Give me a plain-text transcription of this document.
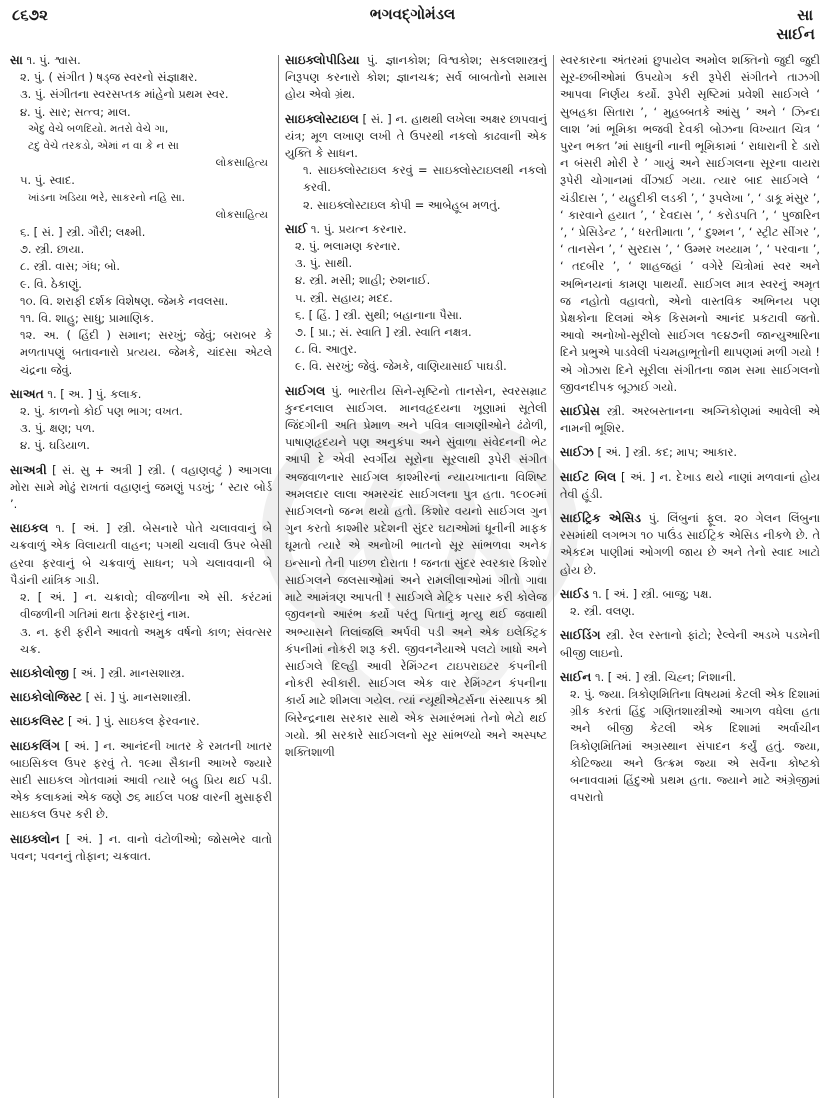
૮૬૭૨	ભગવદ્ગોમંડલ	સા
સાઈન
સા ૧. પું. શ્વાસ.
૨. પું. ( સંગીત ) ષડ્જ સ્વરનો સંજ્ઞાક્ષર.
૩. પું. સંગીતના સ્વરસપ્તક માંહેનો પ્રથમ સ્વર.
૪. પું. સાર; સત્ત્વ; માલ.
એદુ વેચે બળદિયો. મતરો વેચે ગા,
ટદુ વેચે તરકડો, એમાં ન વા કે ન સા
લોકસાહિત્ય
૫. પું. સ્વાદ.
ખાંડના ખડિયા ભરે, સાકરનો નહિ સા.
લોકસાહિત્ય
૬. [ સં. ] સ્ત્રી. ગૌરી; લક્ષ્મી.
૭. સ્ત્રી. છાયા.
૮. સ્ત્રી. વાસ; ગંધ; બો.
૯. વિ. ઠેકાણું.
૧૦. વિ. શરાફી દર્શક વિશેષણ. જેમકે નવલસા.
૧૧. વિ. શાહુ; સાધુ; પ્રામાણિક.
૧૨. અ. ( હિંદી ) સમાન; સરખું; જેવું; બરાબર કે મળતાપણું બતાવનારો પ્રત્યય. જેમકે, ચાંદસા એટલે ચંદ્રના જેવું.
સાઅત ૧. [ અ. ] પું. કલાક.
૨. પું. કાળનો કોઈ પણ ભાગ; વખત.
૩. પું. ક્ષણ; પળ.
૪. પું. ઘડિયાળ.
સાઅત્રી [ સં. સુ + અત્રી ] સ્ત્રી. ( વહાણવટું ) આગલા મોરા સામે મોઢું રાખતાં વહાણનું જમણું પડખું; ‘ સ્ટાર બોર્ડ ’.
સાઇકલ ૧. [ અં. ] સ્ત્રી. બેસનારે પોતે ચલાવવાનું બે ચક્રવાળું એક વિલાયતી વાહન; પગથી ચલાવી ઉપર બેસી હરવા ફરવાનું બે ચક્રવાળું સાધન; પગે ચલાવવાની બે પૈડાંની યાંત્રિક ગાડી.
૨. [ અં. ] ન. ચક્રાવો; વીજળીના એ સી. કરંટમાં વીજળીની ગતિમાં થતા ફેરફારનું નામ.
૩. ન. ફરી ફરીને આવતો અમુક વર્ષનો કાળ; સંવત્સર ચક્ર.
સાઇકોલોજી [ અં. ] સ્ત્રી. માનસશાસ્ત્ર.
સાઇકોલોજિસ્ટ [ સં. ] પું. માનસશાસ્ત્રી.
સાઇકલિસ્ટ [ અં. ] પું. સાઇકલ ફેરવનાર.
સાઇકલિંગ [ અં. ] ન. આનંદની ખાતર કે રમતની ખાતર બાઇસિકલ ઉપર ફરવું તે. ૧૯મા સૈકાની આખરે જ્યારે સાદી સાઇકલ ગોતવામાં આવી ત્યારે બહુ પ્રિય થઈ પડી. એક કલાકમાં એક જણે ૭૬ માઈલ ૫૦૪ વારની મુસાફરી સાઇકલ ઉપર કરી છે.
સાઇક્લોન [ અં. ] ન. વાનો વંટોળીઓ; જોસભેર વાતો પવન; પવનનું તોફાન; ચક્રવાત.
સાઇક્લોપીડિયા પું. જ્ઞાનકોશ; વિશ્વકોશ; સકલશાસ્ત્રનું નિરૂપણ કરનારો કોશ; જ્ઞાનચક્ર; સર્વ બાબતોનો સમાસ હોય એવો ગ્રંથ.
સાઇક્લોસ્ટાઇલ [ સં. ] ન. હાથથી લખેલા અક્ષર છાપવાનું યંત્ર; મૂળ લખાણ લખી તે ઉપરથી નકલો કાઢવાની એક યુક્તિ કે સાધન.
૧. સાઇક્લોસ્ટાઇલ કરવું = સાઇક્લોસ્ટાઇલથી નકલો કરવી.
૨. સાઇક્લોસ્ટાઇલ કોપી = આબેહૂબ મળતું.
સાઈ ૧. પું. પ્રયત્ન કરનાર.
૨. પું. ભલામણ કરનાર.
૩. પું. સાથી.
૪. સ્ત્રી. મસી; શાહી; રુશનાઈ.
૫. સ્ત્રી. સહાય; મદદ.
૬. [ હિં. ] સ્ત્રી. સુથી; બહાનાના પૈસા.
૭. [ પ્રા.; સં. સ્વાતિ ] સ્ત્રી. સ્વાતિ નક્ષત્ર.
૮. વિ. આતુર.
૯. વિ. સરખું; જેવું. જેમકે, વાણિયાસાઈ પાઘડી.
સાઈગલ પું. ભારતીય સિને-સૃષ્ટિનો તાનસેન, સ્વરસમ્રાટ કુન્દનલાલ સાઈગલ. માનવહૃદયના ખૂણામાં સૂતેલી જિંદગીની અતિ પ્રેમાળ અને પવિત્ર લાગણીઓને ઢંઢોળી, પાષાણહૃદયને પણ અનુકંપા અને સુંવાળા સંવેદનની ભેટ આપી દે એવી સ્વર્ગીય સૂરોના સૂરલાથી રૂપેરી સંગીત અજવાળનાર સાઈગલ કાશ્મીરનાં ન્યાયખાતાના વિશિષ્ટ અમલદાર લાલા અમરચંદ સાઈગલના પુત્ર હતા. ૧૯૦૯માં સાઈગલનો જન્મ થયો હતો. કિશોર વયનો સાઈગલ ગુન ગુન કરતો કાશ્મીર પ્રદેશની સુંદર ઘટાઓમાં ધૂનીની માફક ઘૂમતો ત્યારે એ અનોખી ભાતનો સૂર સાંભળવા અનેક ઇન્સાનો તેની પાછળ દોરાતા ! જનતા સુંદર સ્વરકાર કિશોર સાઈગલને જલસાઓમાં અને રામલીલાઓમાં ગીતો ગાવા માટે આમંત્રણ આપતી ! સાઈગલે મેટ્રિક પસાર કરી કોલેજ જીવનનો આરંભ કર્યો પરંતુ પિતાનું મૃત્યુ થઈ જવાથી અભ્યાસને તિલાંજલિ અર્પવી પડી અને એક ઇલેક્ટ્રિક કંપનીમાં નોકરી શરૂ કરી. જીવનનૈયાએ પલટો ખાધો અને સાઈગલે દિલ્હી આવી રેમિંગ્ટન ટાઇપરાઇટર કંપનીની નોકરી સ્વીકારી. સાઈગલ એક વાર રેમિંગ્ટન કંપનીના કાર્ય માટે શીમલા ગયેલ. ત્યાં ન્યૂથીએટર્સના સંસ્થાપક શ્રી બિરેન્દ્રનાથ સરકાર સાથે એક સમારંભમાં તેનો ભેટો થઈ ગયો. શ્રી સરકારે સાઈગલનો સૂર સાંભળ્યો અને અસ્પષ્ટ શક્તિશાળી
સ્વરકારના અંતરમાં છુપાયેલ અમોલ શક્તિનો જુદી જુદી સૂર-છબીઓમાં ઉપયોગ કરી રૂપેરી સંગીતને તાઝગી આપવા નિર્ણય કર્યો. રૂપેરી સૃષ્ટિમાં પ્રવેશી સાઈગલે ‘ સુબહકા સિતારા ’, ‘ મુહબ્બતકે આંસુ ’ અને ‘ ઝિન્દા લાશ ’માં ભૂમિકા ભજવી દેવકી બોઝના વિખ્યાત ચિત્ર ‘ પુરન ભક્ત ’માં સાધુની નાની ભૂમિકામાં ‘ રાધારાની દે ડારો ન બંસરી મોરી રે ’ ગાયું અને સાઈગલના સૂરના વાયરા રૂપેરી ચોગાનમાં વીંઝાઈ ગયા. ત્યાર બાદ સાઈગલે ‘ ચંડીદાસ ’, ‘ યહુદીકી લડકી ’, ‘ રૂપલેખા ’, ‘ ડાકૂ મંસુર ’, ‘ કારવાને હયાત ’, ‘ દેવદાસ ’, ‘ કરોડપતિ ’, ‘ પુજારિન ’, ‘ પ્રેસિડેન્ટ ’, ‘ ધરતીમાતા ’, ‘ દુશ્મન ’, ‘ સ્ટ્રીટ સીંગર ’, ‘ તાનસેન ’, ‘ સુરદાસ ’, ‘ ઉમ્મર ખય્યામ ’, ‘ પરવાના ’, ‘ તદબીર ’, ‘ શાહજહાં ’ વગેરે ચિત્રોમાં સ્વર અને અભિનયનાં કામણ પાથર્યાં. સાઈગલ માત્ર સ્વરનું અમૃત જ નહોતો વહાવતો, એનો વાસ્તવિક અભિનય પણ પ્રેક્ષકોના દિલમાં એક કિસમનો આનંદ પ્રકટાવી જતો. આવો અનોખો-સૂરીલો સાઈગલ ૧૯૪૭ની જાન્યુઆરિના દિને પ્રભુએ પાડવેલી પંચમહાભૂતોની થાપણમાં મળી ગયો ! એ ગોઝારા દિને સૂરીલા સંગીતના જામ સમા સાઈગલનો જીવનદીપક બૂઝાઈ ગયો.
સાઈપ્રેસ સ્ત્રી. અરબસ્તાનના અગ્નિકોણમાં આવેલી એ નામની ભૂશિર.
સાઈઝ [ અં. ] સ્ત્રી. કદ; માપ; આકાર.
સાઈટ બિલ [ અં. ] ન. દેખાડ થયે નાણાં મળવાનાં હોય તેવી હૂંડી.
સાઈટ્રિક એસિડ પું. લિંબુનાં ફૂલ. ૨૦ ગેલન લિંબુના રસમાંથી લગભગ ૧૦ પાઉંડ સાઈટ્રિક એસિડ નીકળે છે. તે એકદમ પાણીમાં ઓગળી જાય છે અને તેનો સ્વાદ ખાટો હોય છે.
સાઈડ ૧. [ અં. ] સ્ત્રી. બાજુ; પક્ષ.
૨. સ્ત્રી. વલણ.
સાઈડિંગ સ્ત્રી. રેલ રસ્તાનો ફાંટો; રેલ્વેની અડખે પડખેની બીજી લાઇનો.
સાઈન ૧. [ અં. ] સ્ત્રી. ચિહ્ન; નિશાની.
૨. પું. જ્યા. ત્રિકોણમિતિના વિષયમાં કેટલી એક દિશામાં ગ્રીક કરતાં હિંદુ ગણિતશાસ્ત્રીઓ આગળ વધેલા હતા અને બીજી કેટલી એક દિશામાં અર્વાચીન ત્રિકોણમિતિમાં અગ્રસ્થાન સંપાદન કર્યું હતું. જ્યા, કોટિજ્યા અને ઉત્ક્રમ જ્યા એ સર્વેના કોષ્ટકો બનાવવામાં હિંદુઓ પ્રથમ હતા. જ્યાને માટે અંગ્રેજીમાં વપરાતો
